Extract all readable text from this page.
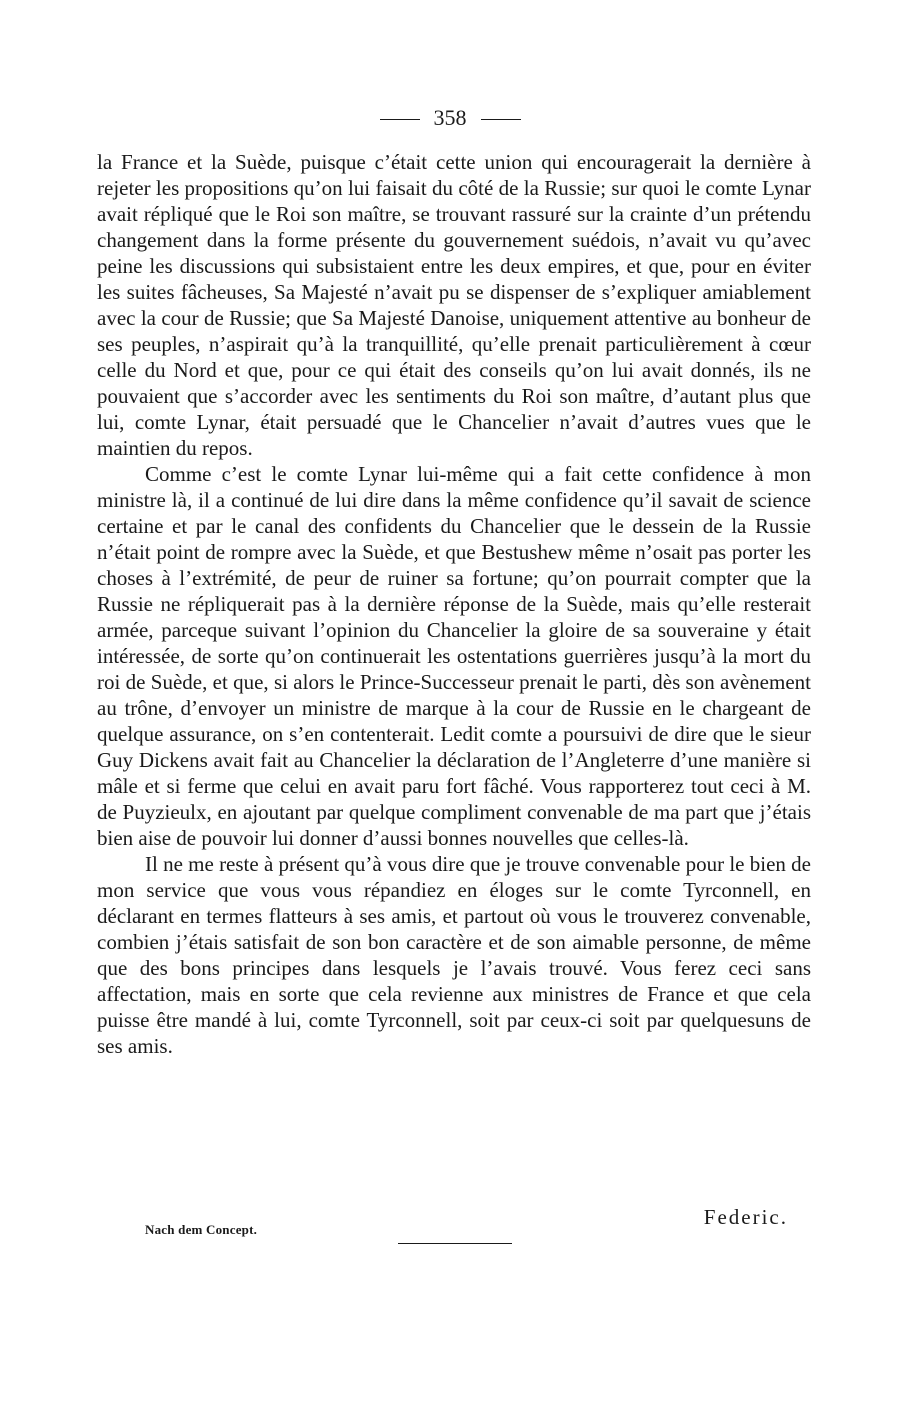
358

la France et la Suède, puisque c’était cette union qui encouragerait la dernière à rejeter les propositions qu’on lui faisait du côté de la Russie; sur quoi le comte Lynar avait répliqué que le Roi son maître, se trouvant rassuré sur la crainte d’un prétendu changement dans la forme présente du gouvernement suédois, n’avait vu qu’avec peine les discussions qui subsistaient entre les deux empires, et que, pour en éviter les suites fâcheuses, Sa Majesté n’avait pu se dispenser de s’expliquer amiablement avec la cour de Russie; que Sa Majesté Danoise, uniquement attentive au bonheur de ses peuples, n’aspirait qu’à la tranquillité, qu’elle prenait particulièrement à cœur celle du Nord et que, pour ce qui était des conseils qu’on lui avait donnés, ils ne pouvaient que s’accorder avec les sentiments du Roi son maître, d’autant plus que lui, comte Lynar, était persuadé que le Chancelier n’avait d’autres vues que le maintien du repos.

Comme c’est le comte Lynar lui-même qui a fait cette confidence à mon ministre là, il a continué de lui dire dans la même confidence qu’il savait de science certaine et par le canal des confidents du Chancelier que le dessein de la Russie n’était point de rompre avec la Suède, et que Bestushew même n’osait pas porter les choses à l’extrémité, de peur de ruiner sa fortune; qu’on pourrait compter que la Russie ne répliquerait pas à la dernière réponse de la Suède, mais qu’elle resterait armée, parceque suivant l’opinion du Chancelier la gloire de sa souveraine y était intéressée, de sorte qu’on continuerait les ostentations guerrières jusqu’à la mort du roi de Suède, et que, si alors le Prince-Successeur prenait le parti, dès son avènement au trône, d’envoyer un ministre de marque à la cour de Russie en le chargeant de quelque assurance, on s’en contenterait. Ledit comte a poursuivi de dire que le sieur Guy Dickens avait fait au Chancelier la déclaration de l’Angleterre d’une manière si mâle et si ferme que celui en avait paru fort fâché. Vous rapporterez tout ceci à M. de Puyzieulx, en ajoutant par quelque compliment convenable de ma part que j’étais bien aise de pouvoir lui donner d’aussi bonnes nouvelles que celles-là.

Il ne me reste à présent qu’à vous dire que je trouve convenable pour le bien de mon service que vous vous répandiez en éloges sur le comte Tyrconnell, en déclarant en termes flatteurs à ses amis, et partout où vous le trouverez convenable, combien j’étais satisfait de son bon caractère et de son aimable personne, de même que des bons principes dans lesquels je l’avais trouvé. Vous ferez ceci sans affectation, mais en sorte que cela revienne aux ministres de France et que cela puisse être mandé à lui, comte Tyrconnell, soit par ceux-ci soit par quelquesuns de ses amis.

Federic.
Nach dem Concept.
